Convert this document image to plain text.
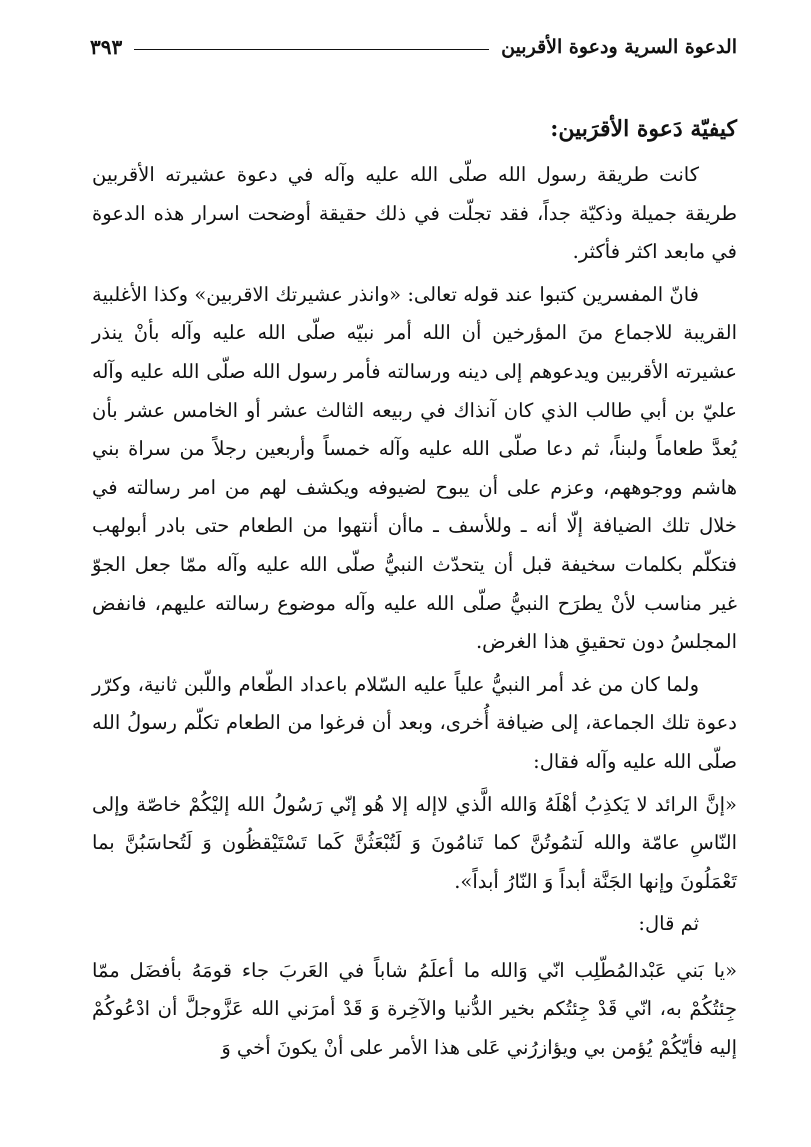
الدعوة السرية ودعوة الأقربين
٣٩٣
كيفيّة دَعوة الأقرَبين:

كانت طريقة رسول الله صلّى الله عليه وآله في دعوة عشيرته الأقربين طريقة جميلة وذكيّة جداً، فقد تجلّت في ذلك حقيقة أوضحت اسرار هذه الدعوة في مابعد اكثر فأكثر.

فانّ المفسرين كتبوا عند قوله تعالى: «وانذر عشيرتك الاقربين» وكذا الأغلبية القريبة للاجماع منَ المؤرخين أن الله أمر نبيّه صلّى الله عليه وآله بأنْ ينذر عشيرته الأقربين ويدعوهم إلى دينه ورسالته فأمر رسول الله صلّى الله عليه وآله عليّ بن أبي طالب الذي كان آنذاك في ربيعه الثالث عشر أو الخامس عشر بأن يُعدَّ طعاماً ولبناً، ثم دعا صلّى الله عليه وآله خمساً وأربعين رجلاً من سراة بني هاشم ووجوههم، وعزم على أن يبوح لضيوفه ويكشف لهم من امر رسالته في خلال تلك الضيافة إلّا أنه ـ وللأسف ـ ماأن أنتهوا من الطعام حتى بادر أبولهب فتكلّم بكلمات سخيفة قبل أن يتحدّث النبيُّ صلّى الله عليه وآله ممّا جعل الجوّ غير مناسب لأنْ يطرَح النبيُّ صلّى الله عليه وآله موضوع رسالته عليهم، فانفض المجلسُ دون تحقيقِ هذا الغرض.

ولما كان من غد أمر النبيُّ علياً عليه السّلام باعداد الطّعام واللّبن ثانية، وكرّر دعوة تلك الجماعة، إلى ضيافة أُخرى، وبعد أن فرغوا من الطعام تكلّم رسولُ الله صلّى الله عليه وآله فقال:

«إنَّ الرائد لا يَكذِبُ أهْلَهُ وَالله الَّذي لاإله إلا هُو إنّي رَسُولُ الله إليْكُمْ خاصّة وإلى النّاسِ عامّة والله لَتمُوتُنَّ كما تَنامُونَ وَ لَتُبْعَثُنَّ كَما تَسْتَيْقظُون وَ لَتُحاسَبُنَّ بما تَعْمَلُونَ وإنها الجَنَّة أبداً وَ النّارُ أبداً».

ثم قال:

«يا بَني عَبْدالمُطّلِب انّي وَالله ما أعلَمُ شاباً في العَربَ جاء قومَهُ بأفضَل ممّا جِئتُكُمْ به، انّي قَدْ جِئتُكم بخير الدُّنيا والآخِرة وَ قَدْ أمرَني الله عَزَّوجلَّ أن ادْعُوكُمْ إليه فأيّكُمْ يُؤمن بي ويؤازرُني عَلى هذا الأمر على أنْ يكونَ أخي وَ
